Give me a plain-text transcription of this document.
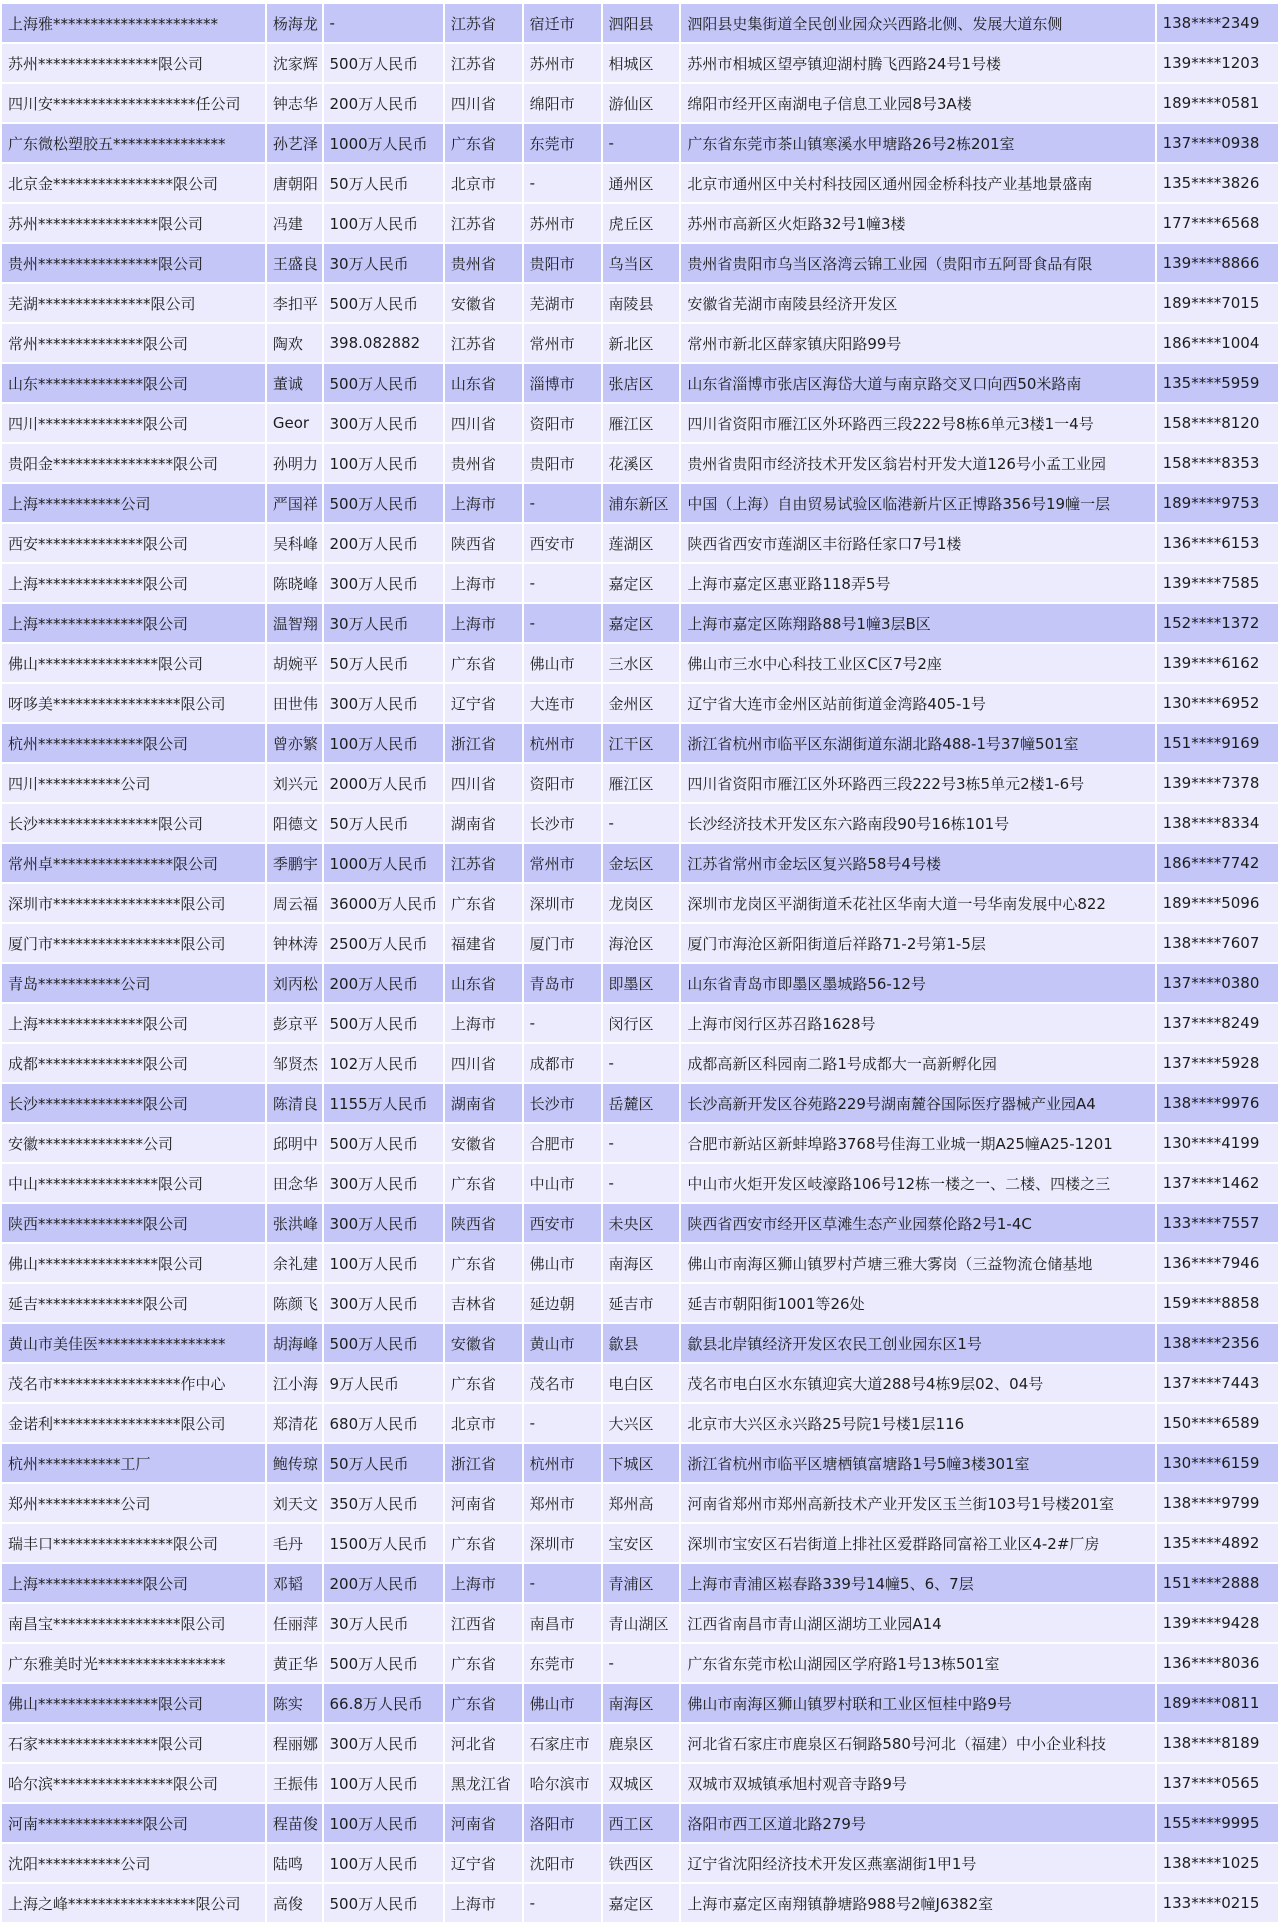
上海雅**********************	杨海龙	-	江苏省	宿迁市	泗阳县	泗阳县史集街道全民创业园众兴西路北侧、发展大道东侧	138****2349
苏州****************限公司	沈家辉	500万人民币	江苏省	苏州市	相城区	苏州市相城区望亭镇迎湖村腾飞西路24号1号楼	139****1203
四川安*******************任公司	钟志华	200万人民币	四川省	绵阳市	游仙区	绵阳市经开区南湖电子信息工业园8号3A楼	189****0581
广东微松塑胶五***************	孙艺泽	1000万人民币	广东省	东莞市	-	广东省东莞市茶山镇寒溪水甲塘路26号2栋201室	137****0938
北京金****************限公司	唐朝阳	50万人民币	北京市	-	通州区	北京市通州区中关村科技园区通州园金桥科技产业基地景盛南	135****3826
苏州****************限公司	冯建	100万人民币	江苏省	苏州市	虎丘区	苏州市高新区火炬路32号1幢3楼	177****6568
贵州****************限公司	王盛良	30万人民币	贵州省	贵阳市	乌当区	贵州省贵阳市乌当区洛湾云锦工业园（贵阳市五阿哥食品有限	139****8866
芜湖***************限公司	李扣平	500万人民币	安徽省	芜湖市	南陵县	安徽省芜湖市南陵县经济开发区	189****7015
常州**************限公司	陶欢	398.082882	江苏省	常州市	新北区	常州市新北区薛家镇庆阳路99号	186****1004
山东**************限公司	董诚	500万人民币	山东省	淄博市	张店区	山东省淄博市张店区海岱大道与南京路交叉口向西50米路南	135****5959
四川**************限公司	Geor	300万人民币	四川省	资阳市	雁江区	四川省资阳市雁江区外环路西三段222号8栋6单元3楼1一4号	158****8120
贵阳金****************限公司	孙明力	100万人民币	贵州省	贵阳市	花溪区	贵州省贵阳市经济技术开发区翁岩村开发大道126号小孟工业园	158****8353
上海***********公司	严国祥	500万人民币	上海市	-	浦东新区	中国（上海）自由贸易试验区临港新片区正博路356号19幢一层	189****9753
西安**************限公司	吴科峰	200万人民币	陕西省	西安市	莲湖区	陕西省西安市莲湖区丰衍路任家口7号1楼	136****6153
上海**************限公司	陈晓峰	300万人民币	上海市	-	嘉定区	上海市嘉定区惠亚路118弄5号	139****7585
上海**************限公司	温智翔	30万人民币	上海市	-	嘉定区	上海市嘉定区陈翔路88号1幢3层B区	152****1372
佛山****************限公司	胡婉平	50万人民币	广东省	佛山市	三水区	佛山市三水中心科技工业区C区7号2座	139****6162
呀哆美*****************限公司	田世伟	300万人民币	辽宁省	大连市	金州区	辽宁省大连市金州区站前街道金湾路405-1号	130****6952
杭州**************限公司	曾亦繁	100万人民币	浙江省	杭州市	江干区	浙江省杭州市临平区东湖街道东湖北路488-1号37幢501室	151****9169
四川***********公司	刘兴元	2000万人民币	四川省	资阳市	雁江区	四川省资阳市雁江区外环路西三段222号3栋5单元2楼1-6号	139****7378
长沙****************限公司	阳德文	50万人民币	湖南省	长沙市	-	长沙经济技术开发区东六路南段90号16栋101号	138****8334
常州卓****************限公司	季鹏宇	1000万人民币	江苏省	常州市	金坛区	江苏省常州市金坛区复兴路58号4号楼	186****7742
深圳市*****************限公司	周云福	36000万人民币	广东省	深圳市	龙岗区	深圳市龙岗区平湖街道禾花社区华南大道一号华南发展中心822	189****5096
厦门市*****************限公司	钟林涛	2500万人民币	福建省	厦门市	海沧区	厦门市海沧区新阳街道后祥路71-2号第1-5层	138****7607
青岛***********公司	刘丙松	200万人民币	山东省	青岛市	即墨区	山东省青岛市即墨区墨城路56-12号	137****0380
上海**************限公司	彭京平	500万人民币	上海市	-	闵行区	上海市闵行区苏召路1628号	137****8249
成都**************限公司	邹贤杰	102万人民币	四川省	成都市	-	成都高新区科园南二路1号成都大一高新孵化园	137****5928
长沙**************限公司	陈清良	1155万人民币	湖南省	长沙市	岳麓区	长沙高新开发区谷苑路229号湖南麓谷国际医疗器械产业园A4	138****9976
安徽**************公司	邱明中	500万人民币	安徽省	合肥市	-	合肥市新站区新蚌埠路3768号佳海工业城一期A25幢A25-1201	130****4199
中山****************限公司	田念华	300万人民币	广东省	中山市	-	中山市火炬开发区岐濠路106号12栋一楼之一、二楼、四楼之三	137****1462
陕西**************限公司	张洪峰	300万人民币	陕西省	西安市	未央区	陕西省西安市经开区草滩生态产业园蔡伦路2号1-4C	133****7557
佛山****************限公司	余礼建	100万人民币	广东省	佛山市	南海区	佛山市南海区狮山镇罗村芦塘三雅大雾岗（三益物流仓储基地	136****7946
延吉**************限公司	陈颜飞	300万人民币	吉林省	延边朝	延吉市	延吉市朝阳街1001等26处	159****8858
黄山市美佳医*****************	胡海峰	500万人民币	安徽省	黄山市	歙县	歙县北岸镇经济开发区农民工创业园东区1号	138****2356
茂名市*****************作中心	江小海	9万人民币	广东省	茂名市	电白区	茂名市电白区水东镇迎宾大道288号4栋9层02、04号	137****7443
金诺利*****************限公司	郑清花	680万人民币	北京市	-	大兴区	北京市大兴区永兴路25号院1号楼1层116	150****6589
杭州***********工厂	鲍传琼	50万人民币	浙江省	杭州市	下城区	浙江省杭州市临平区塘栖镇富塘路1号5幢3楼301室	130****6159
郑州***********公司	刘天文	350万人民币	河南省	郑州市	郑州高	河南省郑州市郑州高新技术产业开发区玉兰街103号1号楼201室	138****9799
瑞丰口****************限公司	毛丹	1500万人民币	广东省	深圳市	宝安区	深圳市宝安区石岩街道上排社区爱群路同富裕工业区4-2#厂房	135****4892
上海**************限公司	邓韬	200万人民币	上海市	-	青浦区	上海市青浦区崧春路339号14幢5、6、7层	151****2888
南昌宝*****************限公司	任丽萍	30万人民币	江西省	南昌市	青山湖区	江西省南昌市青山湖区湖坊工业园A14	139****9428
广东雅美时光*****************	黄正华	500万人民币	广东省	东莞市	-	广东省东莞市松山湖园区学府路1号13栋501室	136****8036
佛山****************限公司	陈实	66.8万人民币	广东省	佛山市	南海区	佛山市南海区狮山镇罗村联和工业区恒桂中路9号	189****0811
石家****************限公司	程丽娜	300万人民币	河北省	石家庄市	鹿泉区	河北省石家庄市鹿泉区石铜路580号河北（福建）中小企业科技	138****8189
哈尔滨****************限公司	王振伟	100万人民币	黑龙江省	哈尔滨市	双城区	双城市双城镇承旭村观音寺路9号	137****0565
河南**************限公司	程苗俊	100万人民币	河南省	洛阳市	西工区	洛阳市西工区道北路279号	155****9995
沈阳***********公司	陆鸣	100万人民币	辽宁省	沈阳市	铁西区	辽宁省沈阳经济技术开发区燕塞湖街1甲1号	138****1025
上海之峰*****************限公司	高俊	500万人民币	上海市	-	嘉定区	上海市嘉定区南翔镇静塘路988号2幢J6382室	133****0215
